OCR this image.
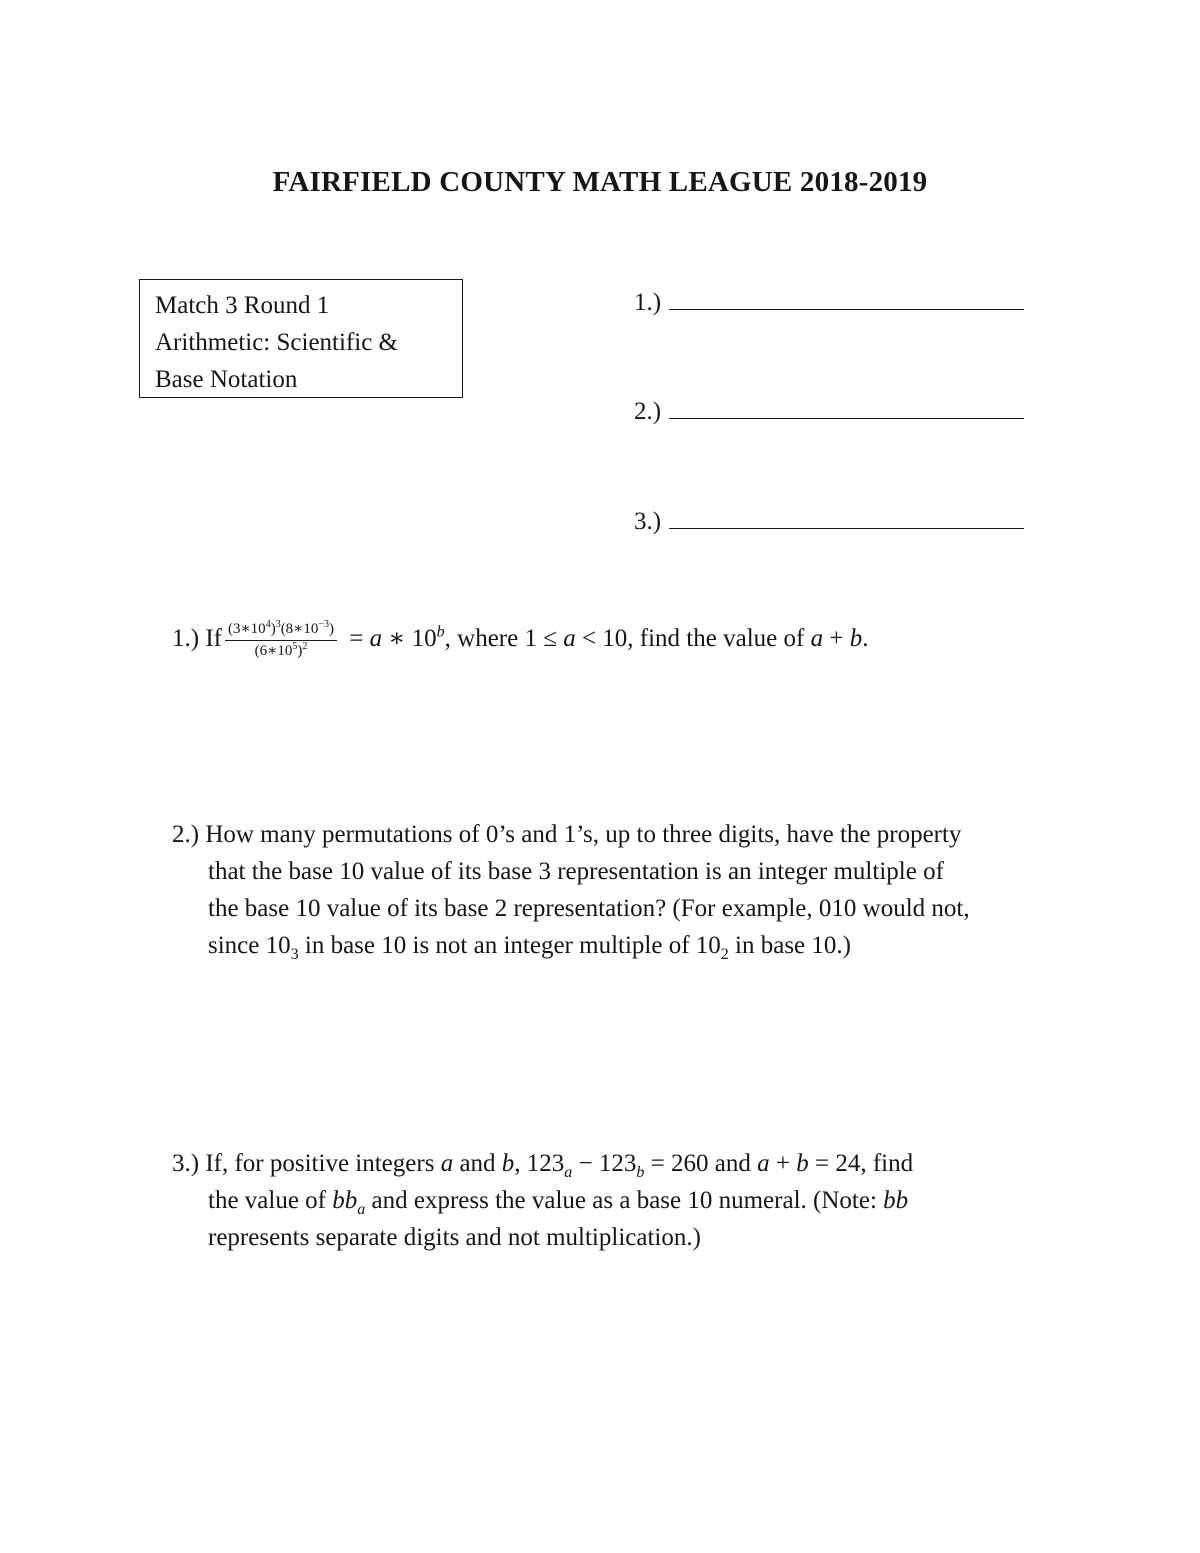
FAIRFIELD COUNTY MATH LEAGUE 2018-2019
Match 3 Round 1
Arithmetic: Scientific &
Base Notation
1.)
2.)
3.)
1.) If $\frac{(3∗10^4)^3(8∗10^{-3})}{(6∗10^5)^2} = a$ ∗ 10$^b$, where 1 ≤ a < 10, find the value of a + b.
2.) How many permutations of 0’s and 1’s, up to three digits, have the property
that the base 10 value of its base 3 representation is an integer multiple of
the base 10 value of its base 2 representation? (For example, 010 would not,
since $10_3$ in base 10 is not an integer multiple of $10_2$ in base 10.)
3.) If, for positive integers a and b, $123_a - 123_b = 260$ and a + b = 24, find
the value of $bb_a$ and express the value as a base 10 numeral. (Note: bb
represents separate digits and not multiplication.)
